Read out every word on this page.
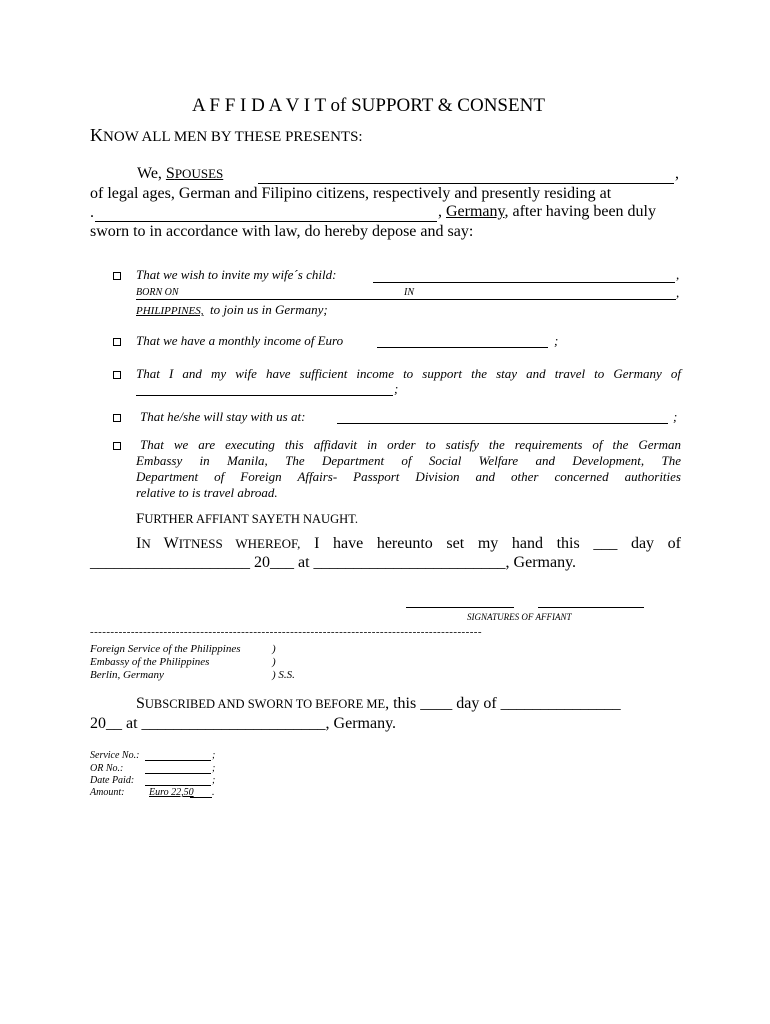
A F F I D A V I T of SUPPORT & CONSENT
KNOW ALL MEN BY THESE PRESENTS:
We, SPOUSES	,
of legal ages, German and Filipino citizens, respectively and presently residing at
.	, Germany, after having been duly
sworn to in accordance with law, do hereby depose and say:
That we wish to invite my wife´s child:	,
BORN ON	IN	,
PHILIPPINES, to join us in Germany;
That we have a monthly income of Euro	;
That I and my wife have sufficient income to support the stay and travel to Germany of
;
That he/she will stay with us at:	;
That we are executing this affidavit in order to satisfy the requirements of the German
Embassy in Manila, The Department of Social Welfare and Development, The
Department of Foreign Affairs- Passport Division and other concerned authorities
relative to is travel abroad.
FURTHER AFFIANT SAYETH NAUGHT.
IN WITNESS WHEREOF, I have hereunto set my hand this ___ day of
____________________ 20___ at ________________________, Germany.
SIGNATURES OF AFFIANT
------------------------------------------------------------------------------------------------
Foreign Service of the Philippines	)
Embassy of the Philippines	)
Berlin, Germany	) S.S.
SUBSCRIBED AND SWORN TO BEFORE ME, this ____ day of _______________
20__ at _______________________, Germany.
Service No.:	;
OR No.:	;
Date Paid:	;
Amount: Euro 22,50 .
